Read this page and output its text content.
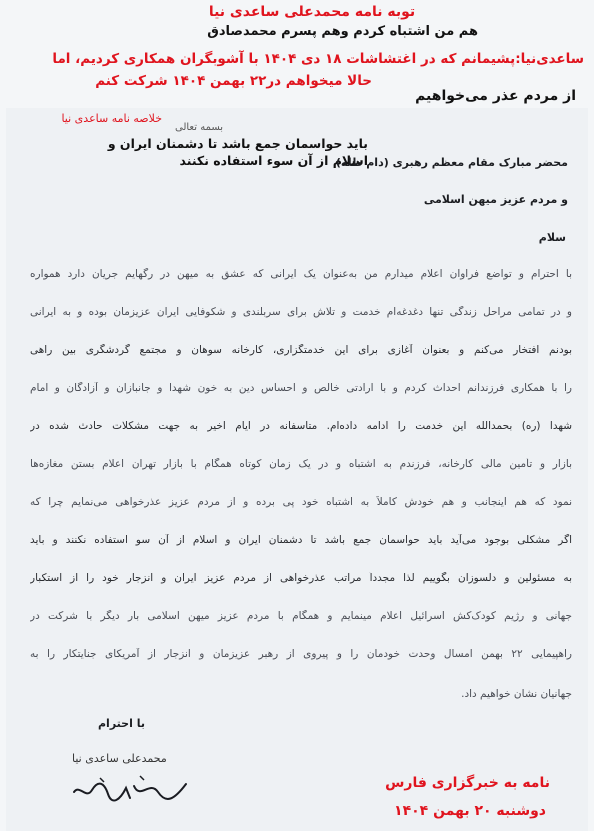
توبه نامه محمدعلی ساعدی نیا
هم من اشتباه کردم وهم پسرم محمدصادق
ساعدی‌نیا:پشیمانم که در اغتشاشات ۱۸ دی ۱۴۰۴ با آشوبگران همکاری کردیم، اما
حالا میخواهم در۲۲ بهمن ۱۴۰۴ شرکت کنم
از مردم عذر می‌خواهیم
خلاصه نامه ساعدی نیا
باید حواسمان جمع باشد تا دشمنان ایران و
اسلام از آن سوء استفاده نکنند
بسمه تعالی
محضر مبارک مقام معظم رهبری (دام ظله)
و مردم عزیز میهن اسلامی
سلام
با احترام و تواضع فراوان اعلام میدارم من به‌عنوان یک ایرانی که عشق به میهن در رگهایم جریان دارد همواره
و در تمامی مراحل زندگی تنها دغدغه‌ام خدمت و تلاش برای سربلندی و شکوفایی ایران عزیزمان بوده و به ایرانی
بودنم افتخار می‌کنم و بعنوان آغازی برای این خدمتگزاری، کارخانه سوهان و مجتمع گردشگری بین راهی
را با همکاری فرزندانم احداث کردم و با ارادتی خالص و احساس دین به خون شهدا و جانبازان و آزادگان و امام
شهدا (ره) بحمدالله این خدمت را ادامه داده‌ام. متاسفانه در ایام اخیر به جهت مشکلات حادث شده در
بازار و تأمین مالی کارخانه، فرزندم به اشتباه و در یک زمان کوتاه همگام با بازار تهران اعلام بستن مغازه‌ها
نمود که هم اینجانب و هم خودش کاملاً به اشتباه خود پی برده و از مردم عزیز عذرخواهی می‌نمایم چرا که
اگر مشکلی بوجود می‌آید باید حواسمان جمع باشد تا دشمنان ایران و اسلام از آن سو استفاده نکنند و باید
به مسئولین و دلسوزان بگوییم لذا مجدداً مراتب عذرخواهی از مردم عزیز ایران و انزجار خود را از استکبار
جهانی و رژیم کودک‌کش اسرائیل اعلام مینمایم و همگام با مردم عزیز میهن اسلامی بار دیگر با شرکت در
راهپیمایی ۲۲ بهمن امسال وحدت خودمان را و پیروی از رهبر عزیزمان و انزجار از آمریکای جنایتکار را به
جهانیان نشان خواهیم داد.
با احترام
محمدعلی ساعدی نیا
نامه به خبرگزاری فارس
دوشنبه ۲۰ بهمن ۱۴۰۴
